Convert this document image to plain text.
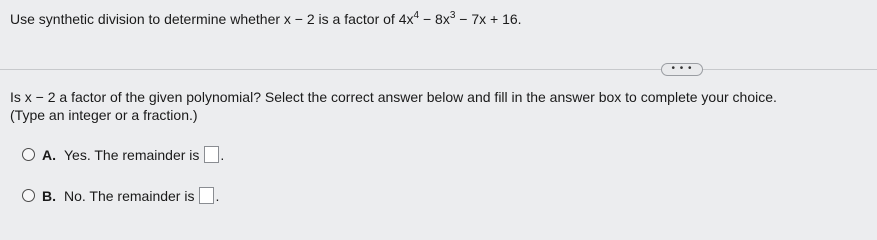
Use synthetic division to determine whether x − 2 is a factor of $4x^4 - 8x^3 - 7x + 16$.
• • •
Is x − 2 a factor of the given polynomial? Select the correct answer below and fill in the answer box to complete your choice.
(Type an integer or a fraction.)
A. Yes. The remainder is .
B. No. The remainder is .
